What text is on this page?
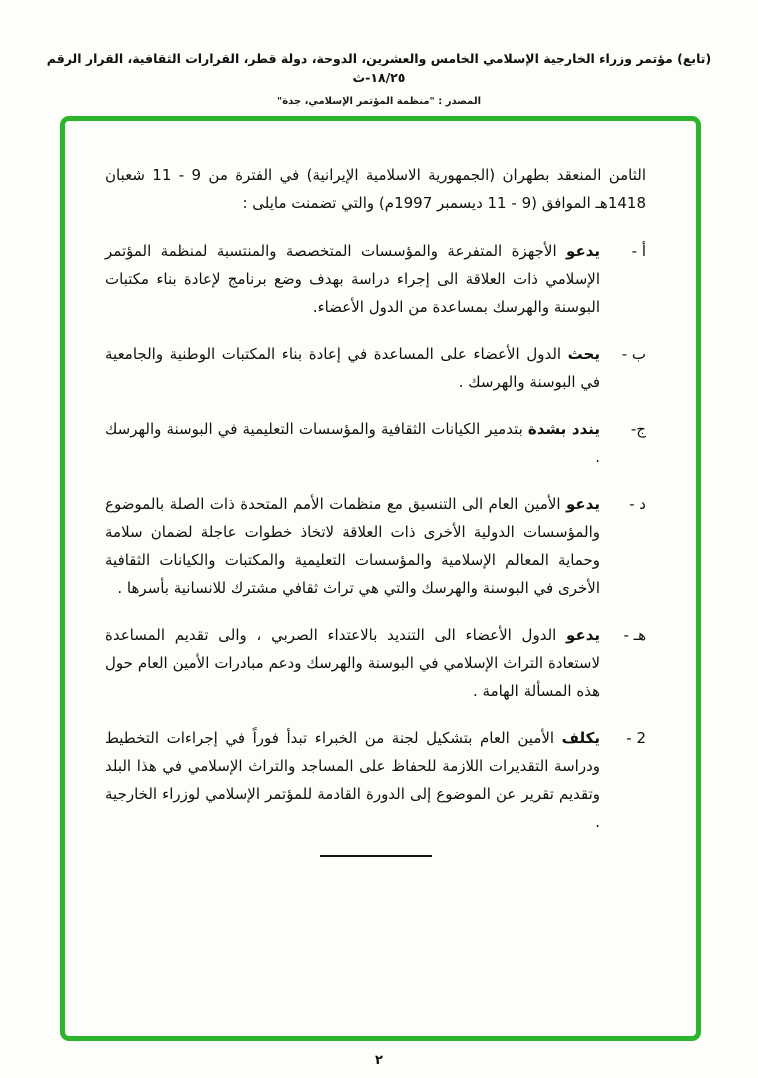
(تابع) مؤتمر وزراء الخارجية الإسلامي الخامس والعشرين، الدوحة، دولة قطر، القرارات الثقافية، القرار الرقم ١٨/٢٥-ث
المصدر : "منظمة المؤتمر الإسلامي، جدة"

الثامن المنعقد بطهران (الجمهورية الاسلامية الإيرانية) في الفترة من 9 - 11 شعبان 1418هـ الموافق (9 - 11 ديسمبر 1997م) والتي تضمنت مايلى :

أ -

يدعو الأجهزة المتفرعة والمؤسسات المتخصصة والمنتسبة لمنظمة المؤتمر الإسلامي ذات العلاقة الى إجراء دراسة بهدف وضع برنامج لإعادة بناء مكتبات البوسنة والهرسك بمساعدة من الدول الأعضاء.

ب -

يحث الدول الأعضاء على المساعدة في إعادة بناء المكتبات الوطنية والجامعية في البوسنة والهرسك .

ج-

يندد بشدة بتدمير الكيانات الثقافية والمؤسسات التعليمية في البوسنة والهرسك .

د -

يدعو الأمين العام الى التنسيق مع منظمات الأمم المتحدة ذات الصلة بالموضوع والمؤسسات الدولية الأخرى ذات العلاقة لاتخاذ خطوات عاجلة لضمان سلامة وحماية المعالم الإسلامية والمؤسسات التعليمية والمكتبات والكيانات الثقافية الأخرى في البوسنة والهرسك والتي هي تراث ثقافي مشترك للانسانية بأسرها .

هـ -

يدعو الدول الأعضاء الى التنديد بالاعتداء الصربي ، والى تقديم المساعدة لاستعادة التراث الإسلامي في البوسنة والهرسك ودعم مبادرات الأمين العام حول هذه المسألة الهامة .

2 -

يكلف الأمين العام بتشكيل لجنة من الخبراء تبدأ فوراً في إجراءات التخطيط ودراسة التقديرات اللازمة للحفاظ على المساجد والتراث الإسلامي في هذا البلد وتقديم تقرير عن الموضوع إلى الدورة القادمة للمؤتمر الإسلامي لوزراء الخارجية .

٢
